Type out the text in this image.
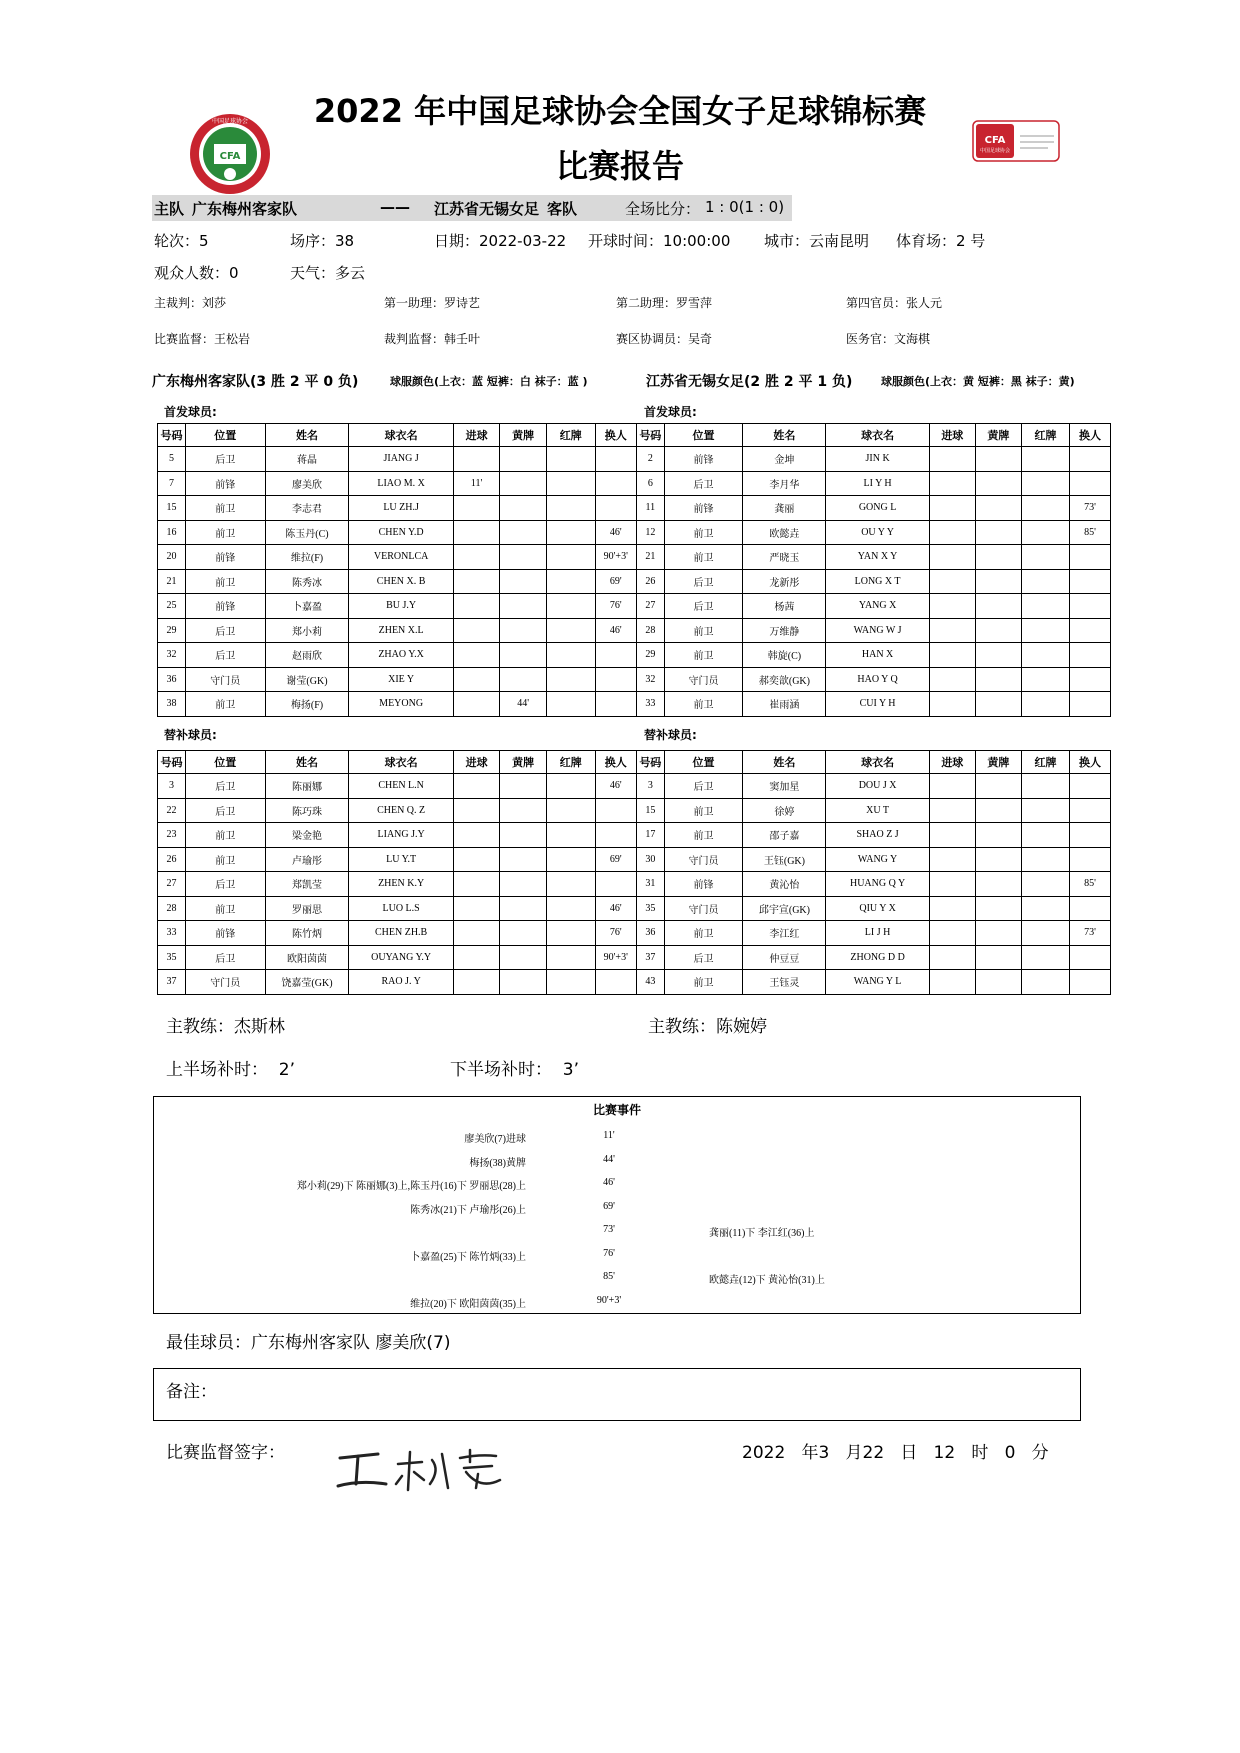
CFA
中国足球协会
CFA
中国足球协会
2022 年中国足球协会全国女子足球锦标赛
比赛报告
主队 广东梅州客家队	—— 江苏省无锡女足 客队	全场比分： 1 : 0(1 : 0)
轮次：5	场序：38	日期：2022-03-22 开球时间：10:00:00 城市：云南昆明 体育场：2 号
观众人数：0	天气：多云
主裁判：刘莎	第一助理：罗诗艺	第二助理：罗雪萍	第四官员：张人元
比赛监督：王松岩	裁判监督：韩壬叶	赛区协调员：吴奇	医务官：文海棋
广东梅州客家队(3 胜 2 平 0 负)	球服颜色(上衣：蓝 短裤：白 袜子：蓝 )	江苏省无锡女足(2 胜 2 平 1 负)	球服颜色(上衣：黄 短裤：黑 袜子：黄)
首发球员:	首发球员:
号码	位置	姓名	球衣名	进球	黄牌	红牌	换人
5	后卫	蒋晶	JIANG J				
7	前锋	廖美欣	LIAO M. X	11'			
15	前卫	李志君	LU ZH.J				
16	前卫	陈玉丹(C)	CHEN Y.D				46'
20	前锋	维拉(F)	VERONLCA				90'+3'
21	前卫	陈秀冰	CHEN X. B				69'
25	前锋	卜嘉盈	BU J.Y				76'
29	后卫	郑小莉	ZHEN X.L				46'
32	后卫	赵雨欣	ZHAO Y.X				
36	守门员	谢莹(GK)	XIE Y				
38	前卫	梅扬(F)	MEYONG		44'		
号码	位置	姓名	球衣名	进球	黄牌	红牌	换人
2	前锋	金坤	JIN K				
6	后卫	李月华	LI Y H				
11	前锋	龚丽	GONG L				73'
12	前卫	欧懿垚	OU Y Y				85'
21	前卫	严晓玉	YAN X Y				
26	后卫	龙新彤	LONG X T				
27	后卫	杨茜	YANG X				
28	前卫	万维静	WANG W J				
29	前卫	韩旋(C)	HAN X				
32	守门员	郝奕歆(GK)	HAO Y Q				
33	前卫	崔雨涵	CUI Y H				
替补球员:	替补球员:
号码	位置	姓名	球衣名	进球	黄牌	红牌	换人
3	后卫	陈丽娜	CHEN L.N				46'
22	后卫	陈巧珠	CHEN Q. Z				
23	前卫	梁金艳	LIANG J.Y				
26	前卫	卢瑜彤	LU Y.T				69'
27	后卫	郑凯莹	ZHEN K.Y				
28	前卫	罗丽思	LUO L.S				46'
33	前锋	陈竹炳	CHEN ZH.B				76'
35	后卫	欧阳茵茵	OUYANG Y.Y				90'+3'
37	守门员	饶嘉莹(GK)	RAO J. Y				
号码	位置	姓名	球衣名	进球	黄牌	红牌	换人
3	后卫	窦加星	DOU J X				
15	前卫	徐婷	XU T				
17	前卫	邵子嘉	SHAO Z J				
30	守门员	王钰(GK)	WANG Y				
31	前锋	黄沁怡	HUANG Q Y				85'
35	守门员	邱宇宣(GK)	QIU Y X				
36	前卫	李江红	LI J H				73'
37	后卫	仲豆豆	ZHONG D D				
43	前卫	王钰灵	WANG Y L				
主教练：杰斯林	主教练：陈婉婷
上半场补时：  2’	下半场补时：  3’
比赛事件
廖美欣(7)进球	11'
梅扬(38)黄牌	44'
郑小莉(29)下 陈丽娜(3)上,陈玉丹(16)下 罗丽思(28)上	46'
陈秀冰(21)下 卢瑜彤(26)上	69'
73'	龚丽(11)下 李江红(36)上
卜嘉盈(25)下 陈竹炳(33)上	76'
85'	欧懿垚(12)下 黄沁怡(31)上
维拉(20)下 欧阳茵茵(35)上	90'+3'
最佳球员：广东梅州客家队 廖美欣(7)
备注：
比赛监督签字：	2022   年3   月22   日   12   时   0   分
